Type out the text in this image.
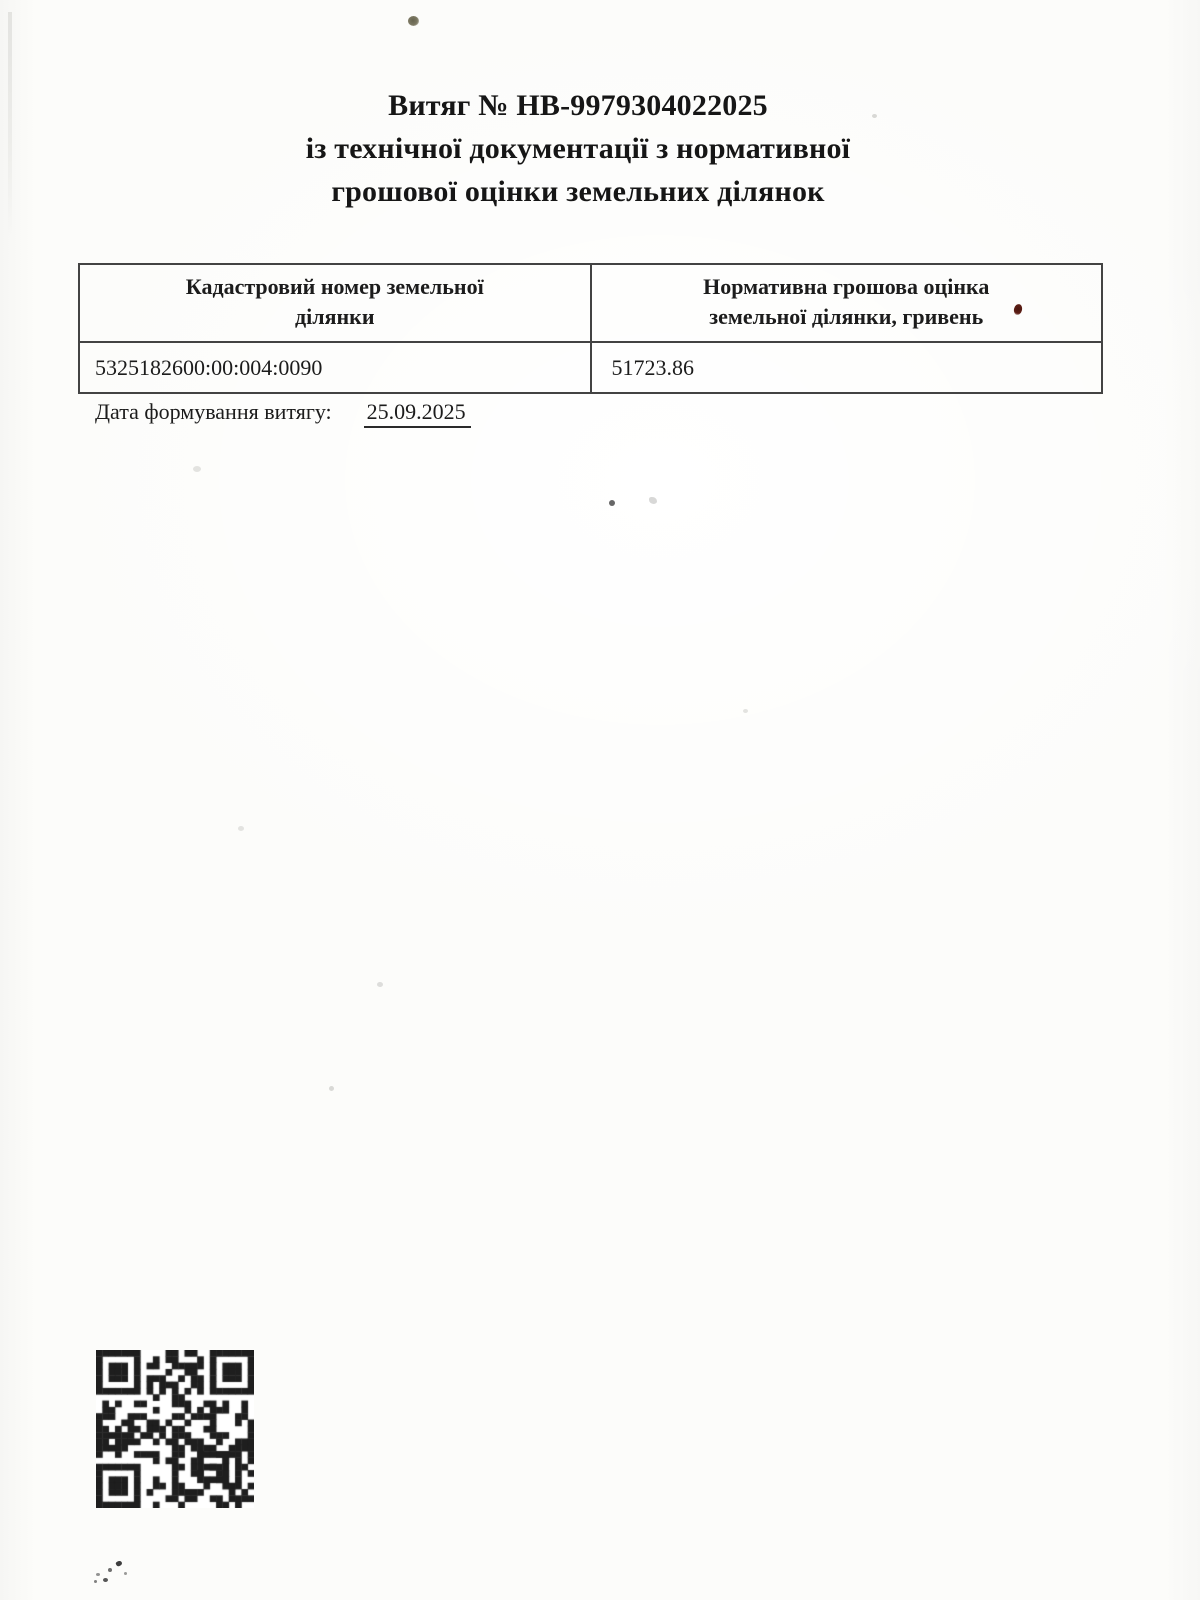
Витяг № НВ-9979304022025
із технічної документації з нормативної
грошової оцінки земельних ділянок
Кадастровий номер земельної ділянки	Нормативна грошова оцінка земельної ділянки, гривень
5325182600:00:004:0090	51723.86
Дата формування витягу: 25.09.2025
